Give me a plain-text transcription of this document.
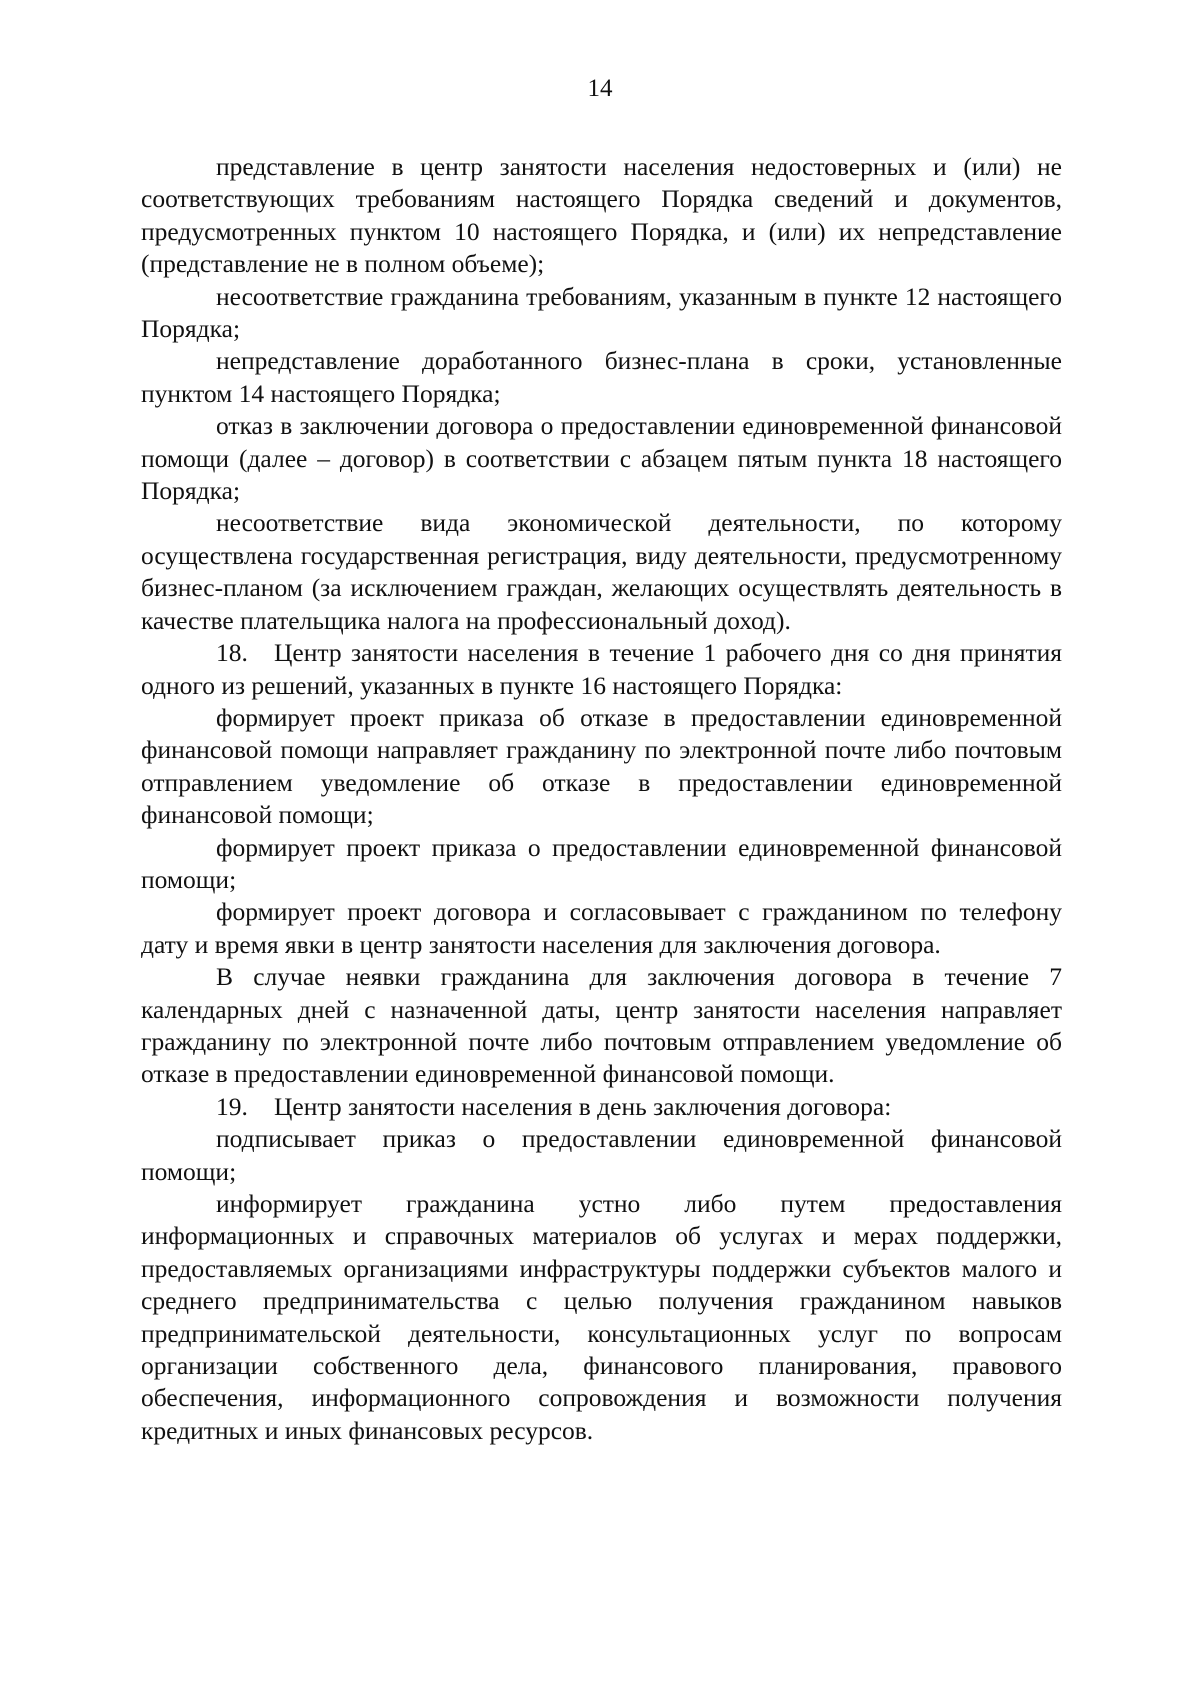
14

представление в центр занятости населения недостоверных и (или) не соответствующих требованиям настоящего Порядка сведений и документов, предусмотренных пунктом 10 настоящего Порядка, и (или) их непредставление (представление не в полном объеме);

несоответствие гражданина требованиям, указанным в пункте 12 настоящего Порядка;

непредставление доработанного бизнес-плана в сроки, установленные пунктом 14 настоящего Порядка;

отказ в заключении договора о предоставлении единовременной финансовой помощи (далее – договор) в соответствии с абзацем пятым пункта 18 настоящего Порядка;

несоответствие вида экономической деятельности, по которому осуществлена государственная регистрация, виду деятельности, предусмотренному бизнес-планом (за исключением граждан, желающих осуществлять деятельность в качестве плательщика налога на профессиональный доход).

18. Центр занятости населения в течение 1 рабочего дня со дня принятия одного из решений, указанных в пункте 16 настоящего Порядка:

формирует проект приказа об отказе в предоставлении единовременной финансовой помощи направляет гражданину по электронной почте либо почтовым отправлением уведомление об отказе в предоставлении единовременной финансовой помощи;

формирует проект приказа о предоставлении единовременной финансовой помощи;

формирует проект договора и согласовывает с гражданином по телефону дату и время явки в центр занятости населения для заключения договора.

В случае неявки гражданина для заключения договора в течение 7 календарных дней с назначенной даты, центр занятости населения направляет гражданину по электронной почте либо почтовым отправлением уведомление об отказе в предоставлении единовременной финансовой помощи.

19. Центр занятости населения в день заключения договора:

подписывает приказ о предоставлении единовременной финансовой помощи;

информирует гражданина устно либо путем предоставления информационных и справочных материалов об услугах и мерах поддержки, предоставляемых организациями инфраструктуры поддержки субъектов малого и среднего предпринимательства с целью получения гражданином навыков предпринимательской деятельности, консультационных услуг по вопросам организации собственного дела, финансового планирования, правового обеспечения, информационного сопровождения и возможности получения кредитных и иных финансовых ресурсов.
